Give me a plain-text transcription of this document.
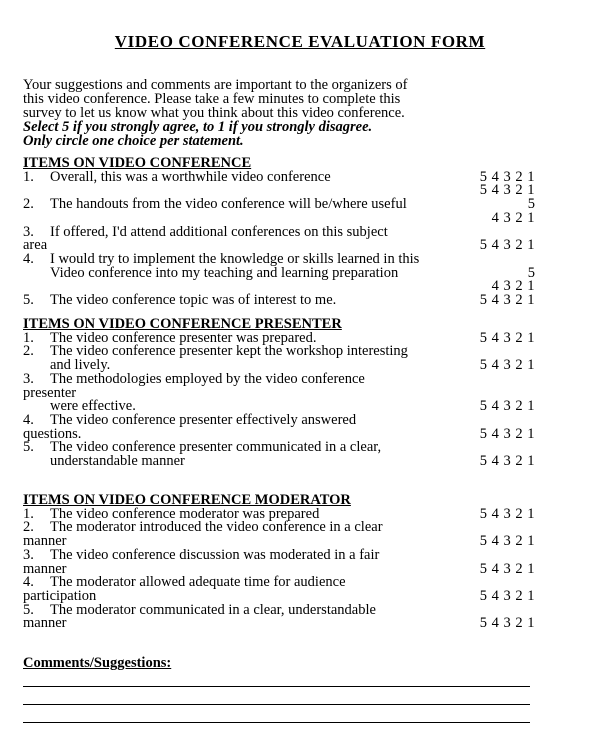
VIDEO CONFERENCE EVALUATION FORM
Your suggestions and comments are important to the organizers of
this video conference. Please take a few minutes to complete this
survey to let us know what you think about this video conference.
Select 5 if you strongly agree, to 1 if you strongly disagree.
Only circle one choice per statement.
ITEMS ON VIDEO CONFERENCE
1. Overall, this was a worthwhile video conference	5 4 3 2 1
5 4 3 2 1
2. The handouts from the video conference will be/where useful	5
4 3 2 1
3. If offered, I'd attend additional conferences on this subject
area	5 4 3 2 1
4. I would try to implement the knowledge or skills learned in this
Video conference into my teaching and learning preparation	5
4 3 2 1
5. The video conference topic was of interest to me.	5 4 3 2 1
ITEMS ON VIDEO CONFERENCE PRESENTER
1. The video conference presenter was prepared.	5 4 3 2 1
2. The video conference presenter kept the workshop interesting
and lively.	5 4 3 2 1
3. The methodologies employed by the video conference
presenter
were effective.	5 4 3 2 1
4. The video conference presenter effectively answered
questions.	5 4 3 2 1
5. The video conference presenter communicated in a clear,
understandable manner	5 4 3 2 1
ITEMS ON VIDEO CONFERENCE MODERATOR
1. The video conference moderator was prepared	5 4 3 2 1
2. The moderator introduced the video conference in a clear
manner	5 4 3 2 1
3. The video conference discussion was moderated in a fair
manner	5 4 3 2 1
4. The moderator allowed adequate time for audience
participation	5 4 3 2 1
5. The moderator communicated in a clear, understandable
manner	5 4 3 2 1
Comments/Suggestions:
